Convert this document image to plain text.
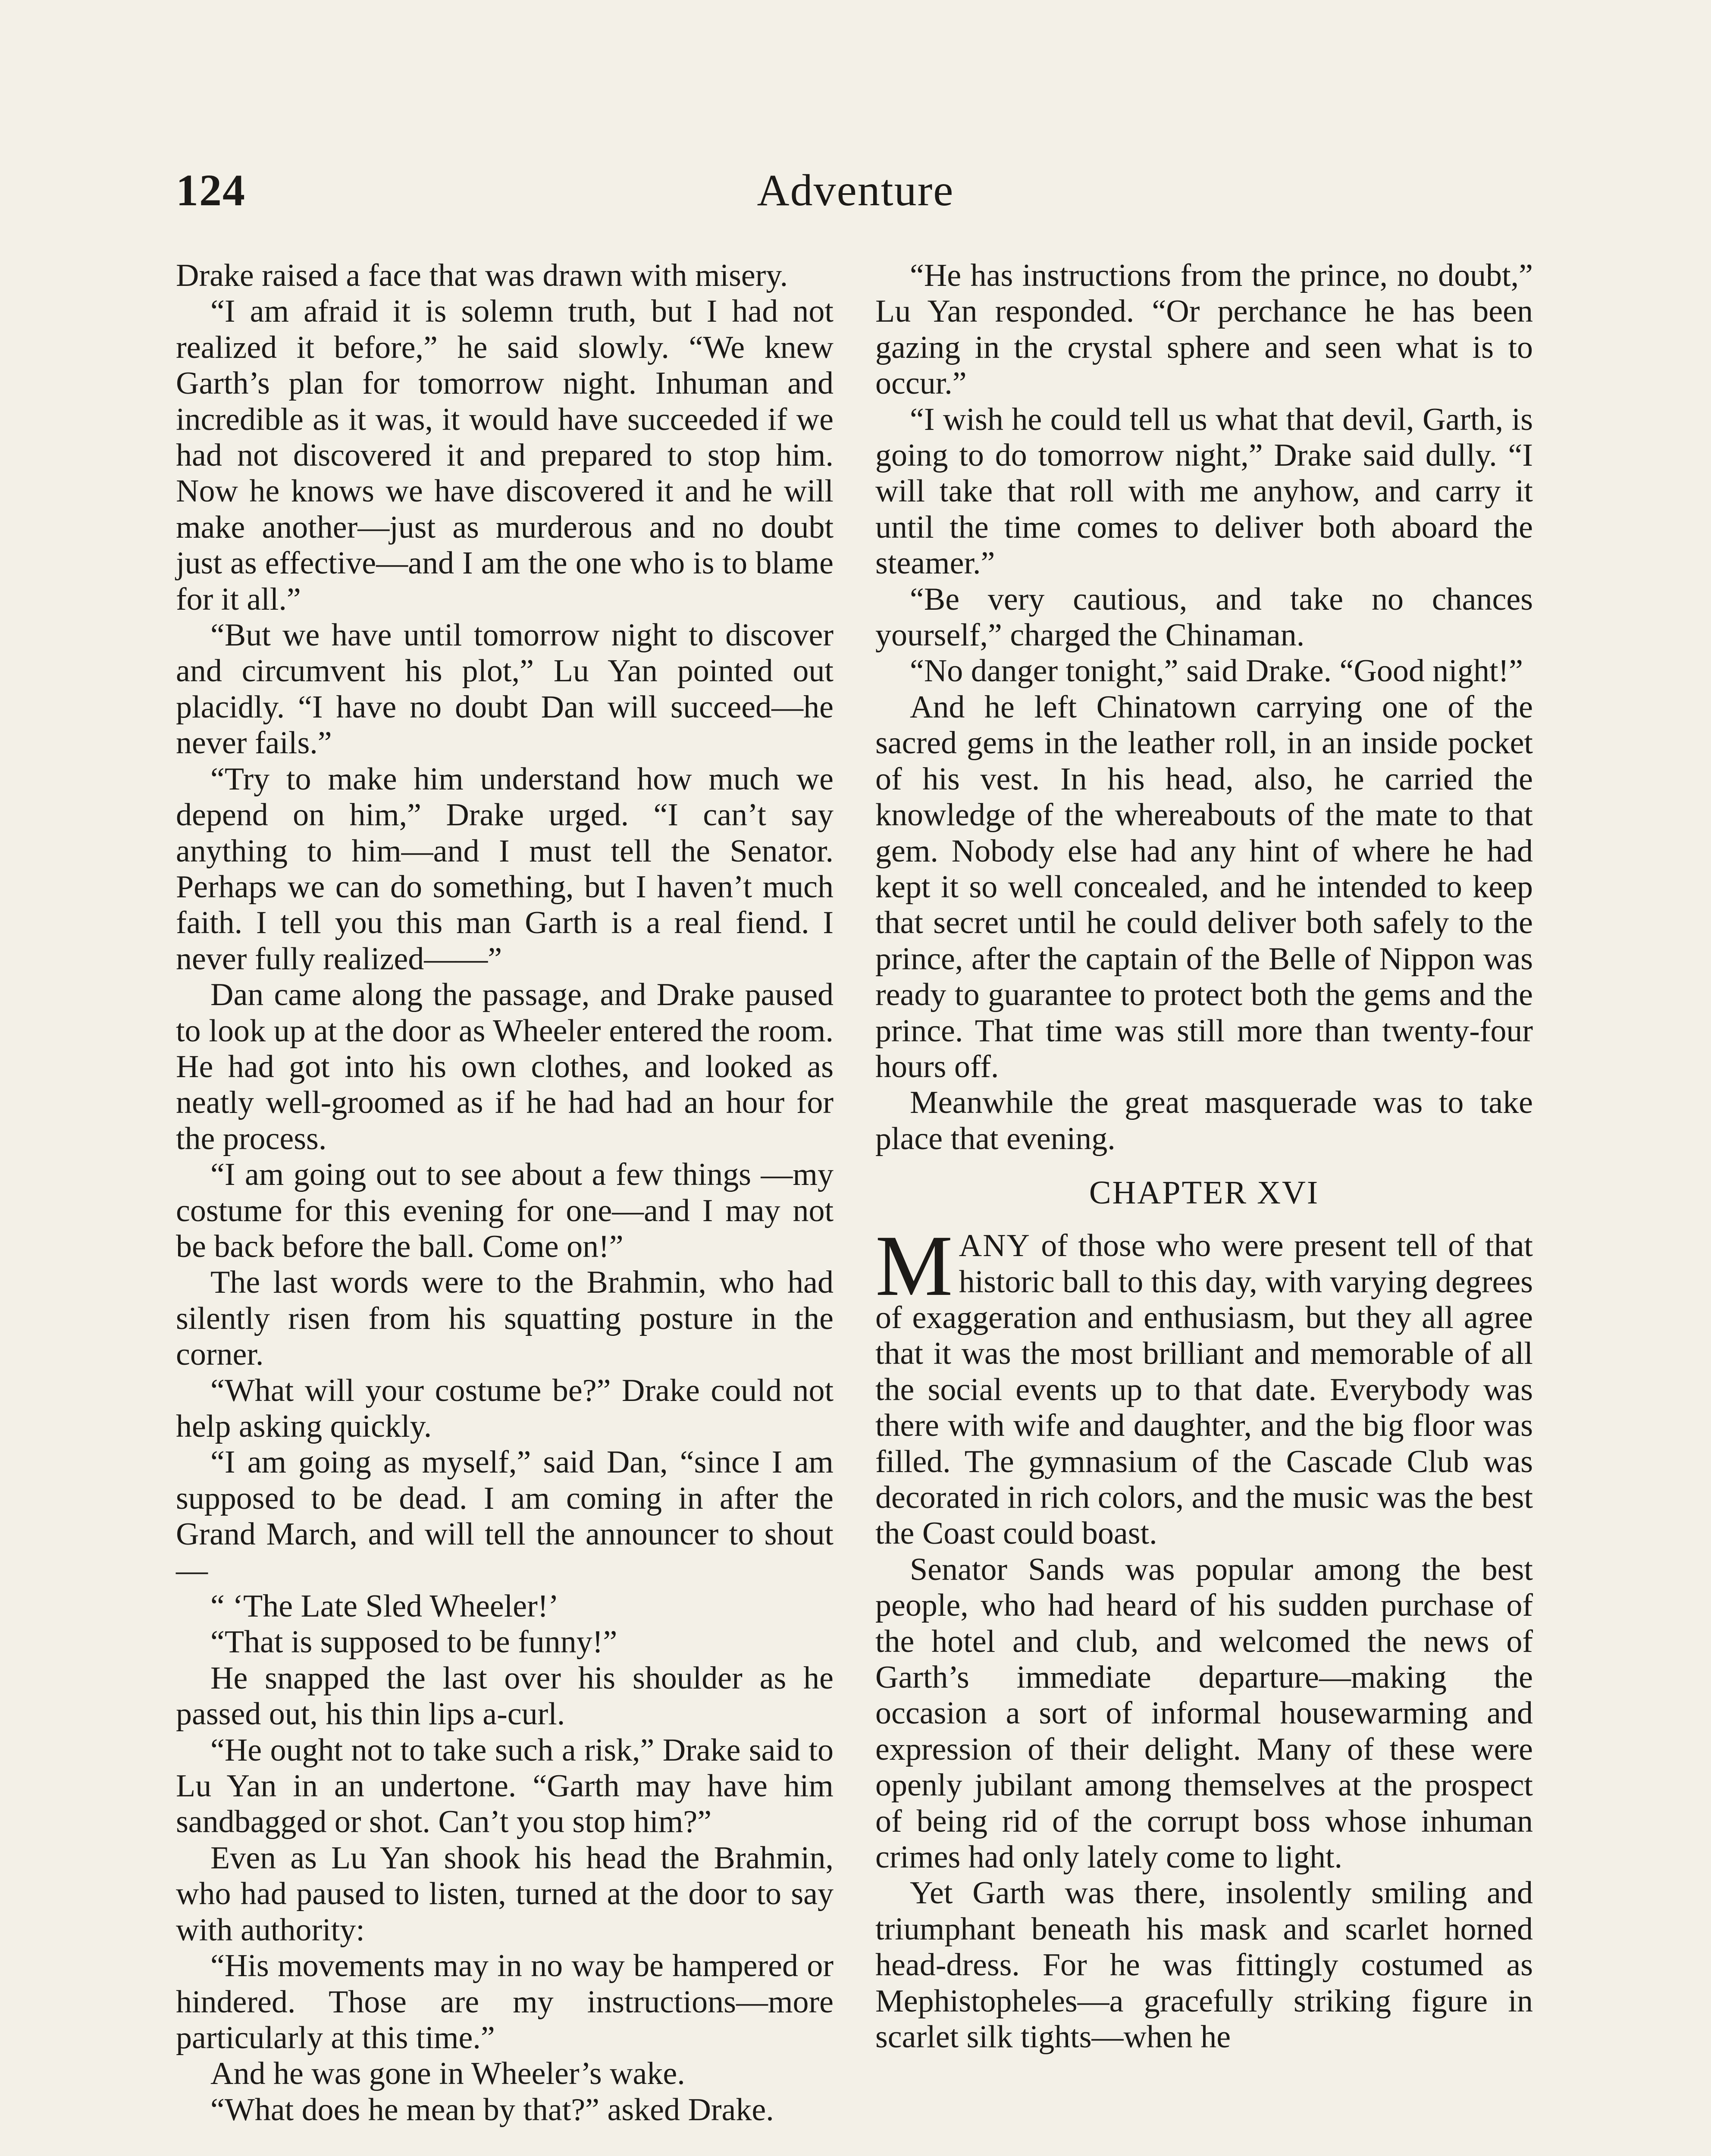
124	Adventure

Drake raised a face that was drawn with misery.

“I am afraid it is solemn truth, but I had not realized it before,” he said slowly. “We knew Garth’s plan for tomorrow night. Inhuman and incredible as it was, it would have succeeded if we had not discovered it and prepared to stop him. Now he knows we have discovered it and he will make another—just as murderous and no doubt just as effective—and I am the one who is to blame for it all.”

“But we have until tomorrow night to discover and circumvent his plot,” Lu Yan pointed out placidly. “I have no doubt Dan will succeed—he never fails.”

“Try to make him understand how much we depend on him,” Drake urged. “I can’t say anything to him—and I must tell the Senator. Perhaps we can do something, but I haven’t much faith. I tell you this man Garth is a real fiend. I never fully realized——”

Dan came along the passage, and Drake paused to look up at the door as Wheeler entered the room. He had got into his own clothes, and looked as neatly well-groomed as if he had had an hour for the process.

“I am going out to see about a few things —my costume for this evening for one—and I may not be back before the ball. Come on!”

The last words were to the Brahmin, who had silently risen from his squatting posture in the corner.

“What will your costume be?” Drake could not help asking quickly.

“I am going as myself,” said Dan, “since I am supposed to be dead. I am coming in after the Grand March, and will tell the announcer to shout—

“ ‘The Late Sled Wheeler!’

“That is supposed to be funny!”

He snapped the last over his shoulder as he passed out, his thin lips a-curl.

“He ought not to take such a risk,” Drake said to Lu Yan in an undertone. “Garth may have him sandbagged or shot. Can’t you stop him?”

Even as Lu Yan shook his head the Brahmin, who had paused to listen, turned at the door to say with authority:

“His movements may in no way be hampered or hindered. Those are my instructions—more particularly at this time.”

And he was gone in Wheeler’s wake.

“What does he mean by that?” asked Drake.

“He has instructions from the prince, no doubt,” Lu Yan responded. “Or perchance he has been gazing in the crystal sphere and seen what is to occur.”

“I wish he could tell us what that devil, Garth, is going to do tomorrow night,” Drake said dully. “I will take that roll with me anyhow, and carry it until the time comes to deliver both aboard the steamer.”

“Be very cautious, and take no chances yourself,” charged the Chinaman.

“No danger tonight,” said Drake. “Good night!”

And he left Chinatown carrying one of the sacred gems in the leather roll, in an inside pocket of his vest. In his head, also, he carried the knowledge of the whereabouts of the mate to that gem. Nobody else had any hint of where he had kept it so well concealed, and he intended to keep that secret until he could deliver both safely to the prince, after the captain of the Belle of Nippon was ready to guarantee to protect both the gems and the prince. That time was still more than twenty-four hours off.

Meanwhile the great masquerade was to take place that evening.

CHAPTER XVI

MANY of those who were present tell of that historic ball to this day, with varying degrees of exaggeration and enthusiasm, but they all agree that it was the most brilliant and memorable of all the social events up to that date. Everybody was there with wife and daughter, and the big floor was filled. The gymnasium of the Cascade Club was decorated in rich colors, and the music was the best the Coast could boast.

Senator Sands was popular among the best people, who had heard of his sudden purchase of the hotel and club, and welcomed the news of Garth’s immediate departure—making the occasion a sort of informal housewarming and expression of their delight. Many of these were openly jubilant among themselves at the prospect of being rid of the corrupt boss whose inhuman crimes had only lately come to light.

Yet Garth was there, insolently smiling and triumphant beneath his mask and scarlet horned head-dress. For he was fittingly costumed as Mephistopheles—a gracefully striking figure in scarlet silk tights—when he
